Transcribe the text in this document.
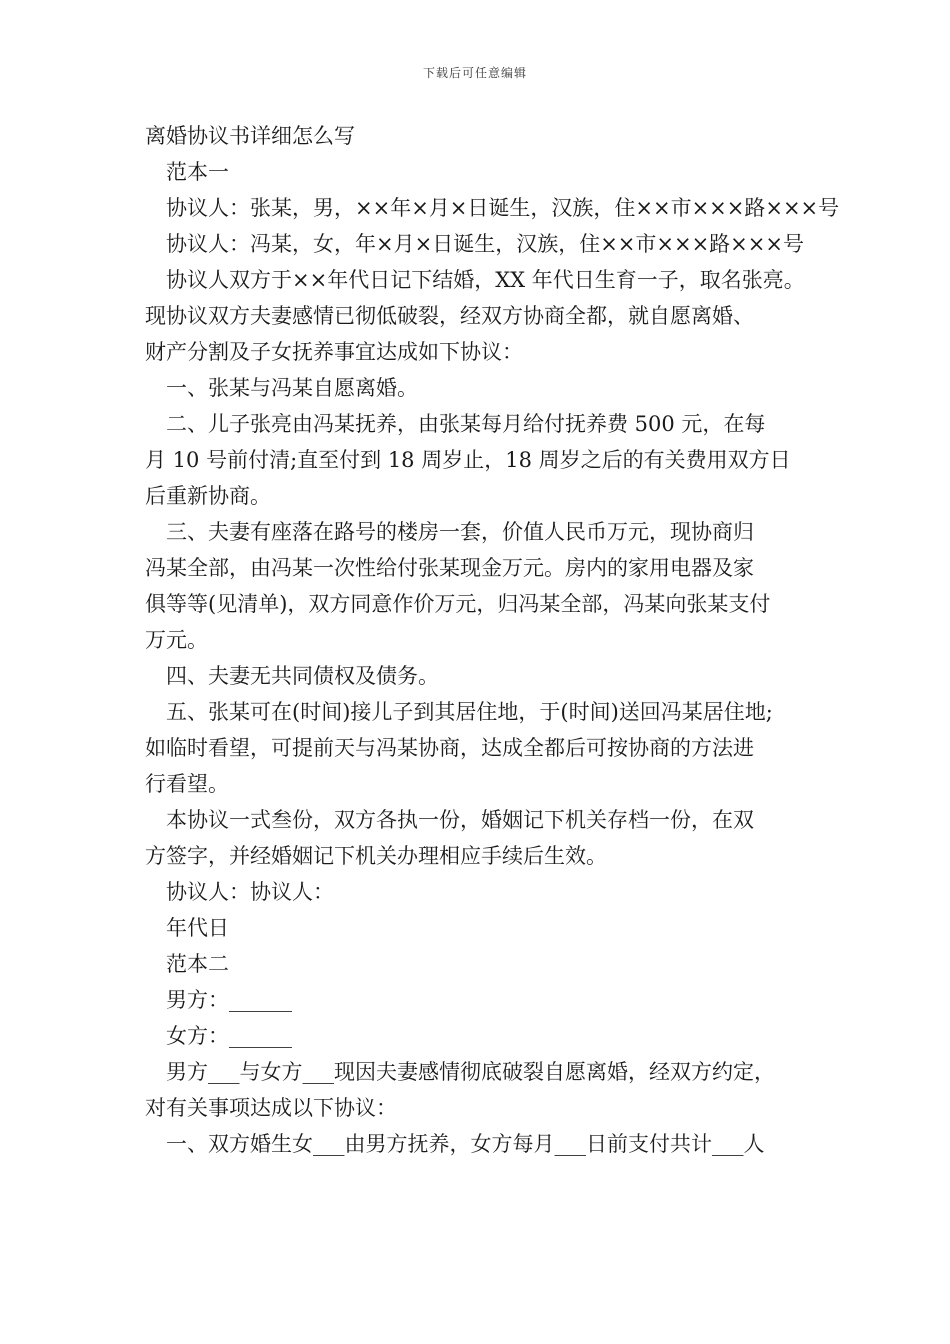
下载后可任意编辑
离婚协议书详细怎么写
范本一
协议人：张某，男，××年×月×日诞生，汉族，住××市×××路×××号
协议人：冯某，女，年×月×日诞生，汉族，住××市×××路×××号
协议人双方于××年代日记下结婚，XX 年代日生育一子，取名张亮。
现协议双方夫妻感情已彻低破裂，经双方协商全都，就自愿离婚、
财产分割及子女抚养事宜达成如下协议：
一、张某与冯某自愿离婚。
二、儿子张亮由冯某抚养，由张某每月给付抚养费 500 元，在每
月 10 号前付清;直至付到 18 周岁止，18 周岁之后的有关费用双方日
后重新协商。
三、夫妻有座落在路号的楼房一套，价值人民币万元，现协商归
冯某全部，由冯某一次性给付张某现金万元。房内的家用电器及家
俱等等(见清单)，双方同意作价万元，归冯某全部，冯某向张某支付
万元。
四、夫妻无共同债权及债务。
五、张某可在(时间)接儿子到其居住地，于(时间)送回冯某居住地;
如临时看望，可提前天与冯某协商，达成全都后可按协商的方法进
行看望。
本协议一式叁份，双方各执一份，婚姻记下机关存档一份，在双
方签字，并经婚姻记下机关办理相应手续后生效。
协议人：协议人：
年代日
范本二
男方：______
女方：______
男方___与女方___现因夫妻感情彻底破裂自愿离婚，经双方约定，
对有关事项达成以下协议：
一、双方婚生女___由男方抚养，女方每月___日前支付共计___人
